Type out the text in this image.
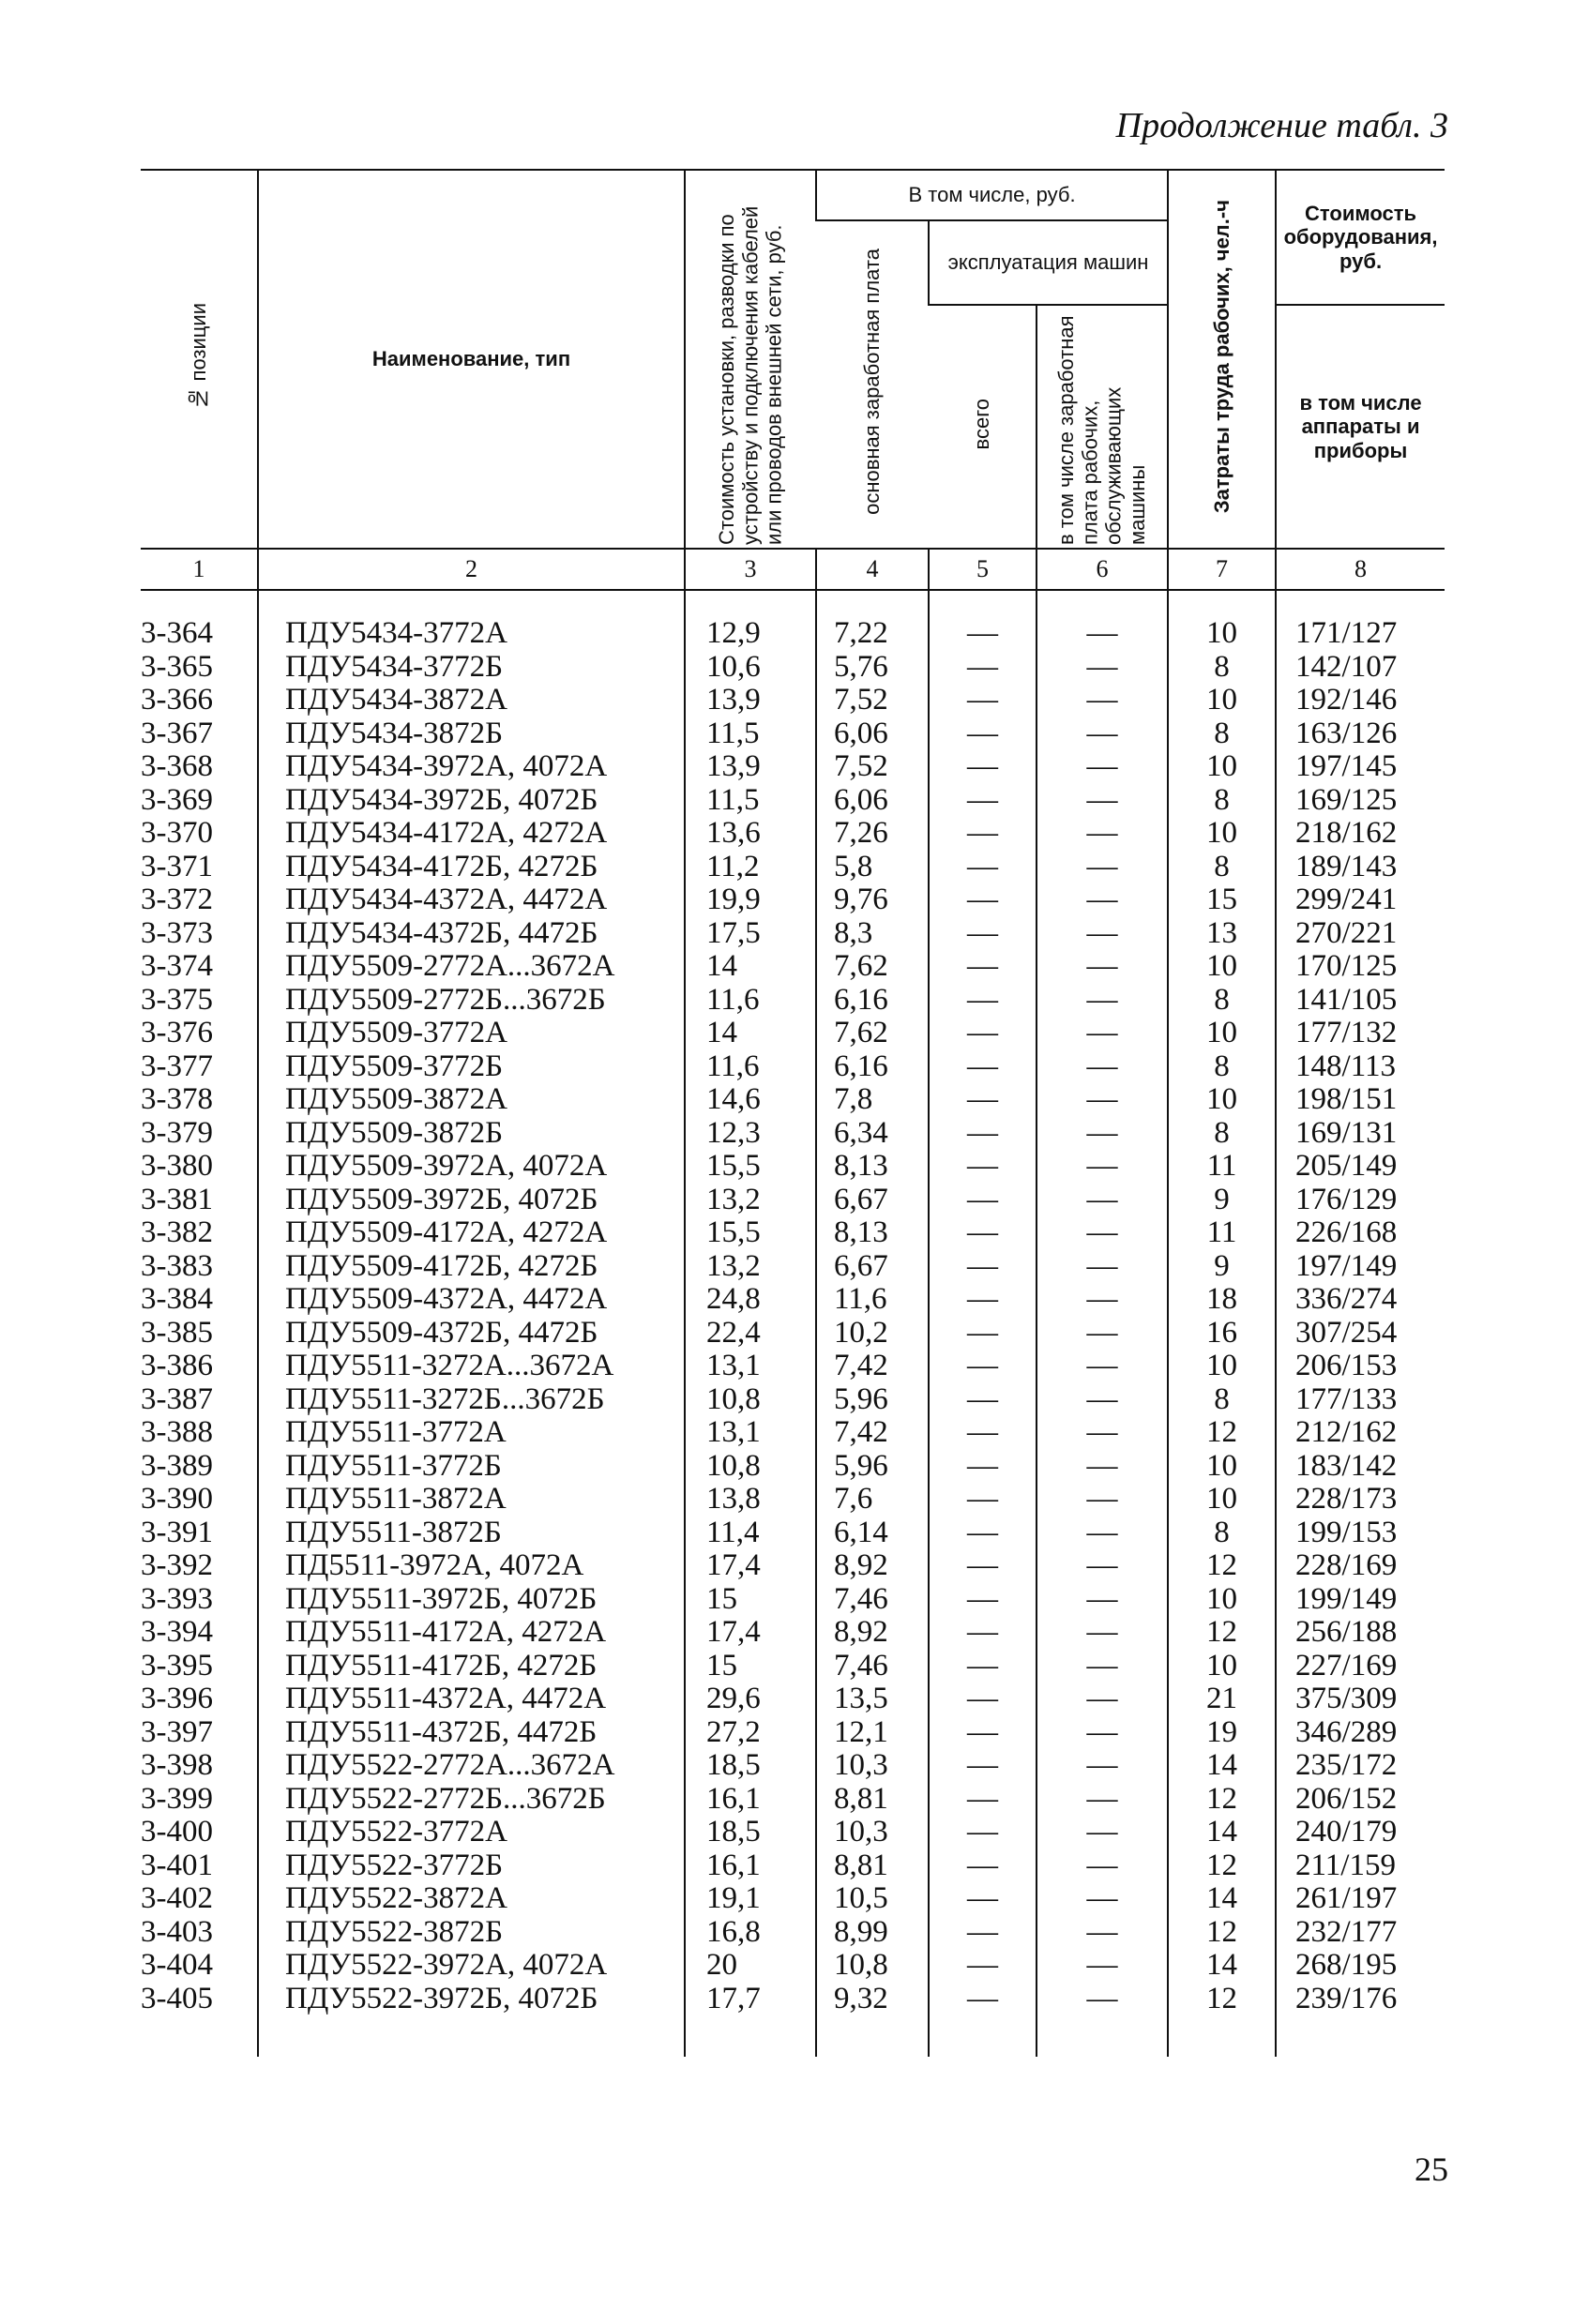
Продолжение табл. 3
№ позиции	Наименование, тип	Стоимость установки, разводки по устройству и подключения кабелей или проводов внешней сети, руб.	В том числе, руб.			Затраты труда рабочих, чел.-ч	Стоимость оборудования, руб.
			основная заработная плата	эксплуатация машин			
				всего	в том числе заработная плата рабочих, обслуживающих машины		в том числе аппараты и приборы
1	2	3	4	5	6	7	8
3-364	ПДУ5434-3772А	12,9	7,22	—	—	10	171/127
3-365	ПДУ5434-3772Б	10,6	5,76	—	—	8	142/107
3-366	ПДУ5434-3872А	13,9	7,52	—	—	10	192/146
3-367	ПДУ5434-3872Б	11,5	6,06	—	—	8	163/126
3-368	ПДУ5434-3972А, 4072А	13,9	7,52	—	—	10	197/145
3-369	ПДУ5434-3972Б, 4072Б	11,5	6,06	—	—	8	169/125
3-370	ПДУ5434-4172А, 4272А	13,6	7,26	—	—	10	218/162
3-371	ПДУ5434-4172Б, 4272Б	11,2	5,8	—	—	8	189/143
3-372	ПДУ5434-4372А, 4472А	19,9	9,76	—	—	15	299/241
3-373	ПДУ5434-4372Б, 4472Б	17,5	8,3	—	—	13	270/221
3-374	ПДУ5509-2772А...3672А	14	7,62	—	—	10	170/125
3-375	ПДУ5509-2772Б...3672Б	11,6	6,16	—	—	8	141/105
3-376	ПДУ5509-3772А	14	7,62	—	—	10	177/132
3-377	ПДУ5509-3772Б	11,6	6,16	—	—	8	148/113
3-378	ПДУ5509-3872А	14,6	7,8	—	—	10	198/151
3-379	ПДУ5509-3872Б	12,3	6,34	—	—	8	169/131
3-380	ПДУ5509-3972А, 4072А	15,5	8,13	—	—	11	205/149
3-381	ПДУ5509-3972Б, 4072Б	13,2	6,67	—	—	9	176/129
3-382	ПДУ5509-4172А, 4272А	15,5	8,13	—	—	11	226/168
3-383	ПДУ5509-4172Б, 4272Б	13,2	6,67	—	—	9	197/149
3-384	ПДУ5509-4372А, 4472А	24,8	11,6	—	—	18	336/274
3-385	ПДУ5509-4372Б, 4472Б	22,4	10,2	—	—	16	307/254
3-386	ПДУ5511-3272А...3672А	13,1	7,42	—	—	10	206/153
3-387	ПДУ5511-3272Б...3672Б	10,8	5,96	—	—	8	177/133
3-388	ПДУ5511-3772А	13,1	7,42	—	—	12	212/162
3-389	ПДУ5511-3772Б	10,8	5,96	—	—	10	183/142
3-390	ПДУ5511-3872А	13,8	7,6	—	—	10	228/173
3-391	ПДУ5511-3872Б	11,4	6,14	—	—	8	199/153
3-392	ПД5511-3972А, 4072А	17,4	8,92	—	—	12	228/169
3-393	ПДУ5511-3972Б, 4072Б	15	7,46	—	—	10	199/149
3-394	ПДУ5511-4172А, 4272А	17,4	8,92	—	—	12	256/188
3-395	ПДУ5511-4172Б, 4272Б	15	7,46	—	—	10	227/169
3-396	ПДУ5511-4372А, 4472А	29,6	13,5	—	—	21	375/309
3-397	ПДУ5511-4372Б, 4472Б	27,2	12,1	—	—	19	346/289
3-398	ПДУ5522-2772А...3672А	18,5	10,3	—	—	14	235/172
3-399	ПДУ5522-2772Б...3672Б	16,1	8,81	—	—	12	206/152
3-400	ПДУ5522-3772А	18,5	10,3	—	—	14	240/179
3-401	ПДУ5522-3772Б	16,1	8,81	—	—	12	211/159
3-402	ПДУ5522-3872А	19,1	10,5	—	—	14	261/197
3-403	ПДУ5522-3872Б	16,8	8,99	—	—	12	232/177
3-404	ПДУ5522-3972А, 4072А	20	10,8	—	—	14	268/195
3-405	ПДУ5522-3972Б, 4072Б	17,7	9,32	—	—	12	239/176
25
